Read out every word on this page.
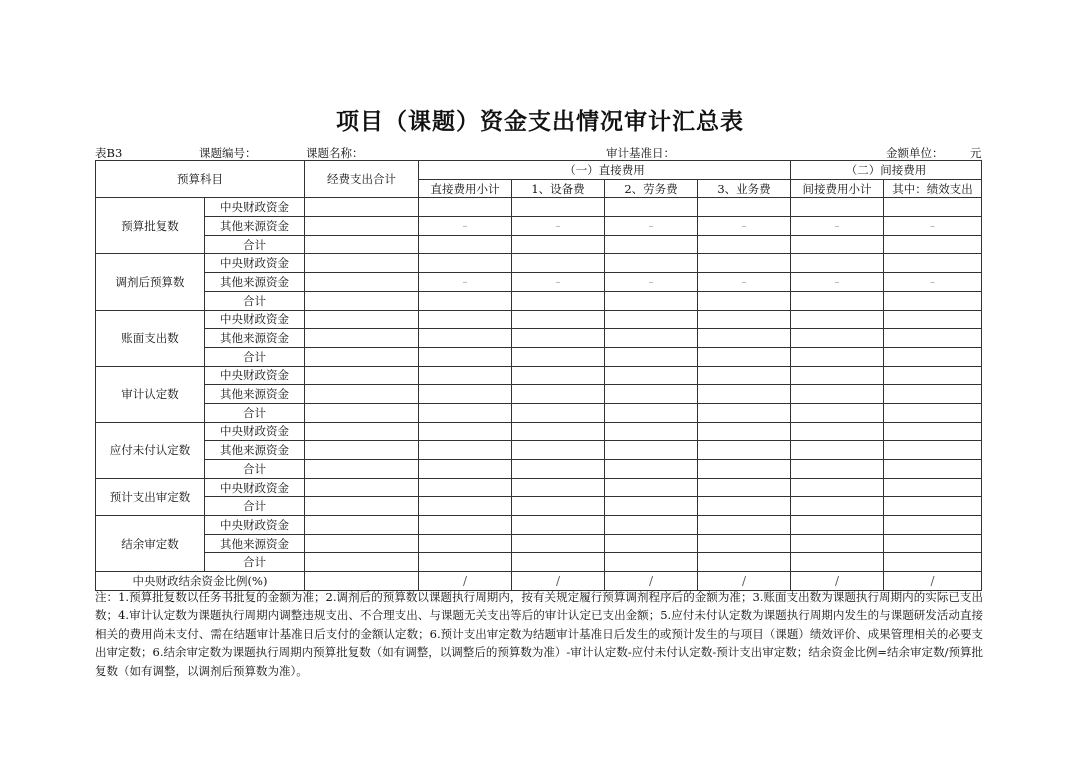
项目（课题）资金支出情况审计汇总表
表B3	课题编号：	课题名称：	审计基准日：	金额单位： 元
预算科目		经费支出合计	（一）直接费用				（二）间接费用	
			直接费用小计	1、设备费	2、劳务费	3、业务费	间接费用小计	其中：绩效支出
预算批复数	中央财政资金							
	其他来源资金		–	–	–	–	–	–
	合计							
调剂后预算数	中央财政资金							
	其他来源资金		–	–	–	–	–	–
	合计							
账面支出数	中央财政资金							
	其他来源资金							
	合计							
审计认定数	中央财政资金							
	其他来源资金							
	合计							
应付未付认定数	中央财政资金							
	其他来源资金							
	合计							
预计支出审定数	中央财政资金							
	合计							
结余审定数	中央财政资金							
	其他来源资金							
	合计							
中央财政结余资金比例(%)			/	/	/	/	/	/
注：1.预算批复数以任务书批复的金额为准；2.调剂后的预算数以课题执行周期内，按有关规定履行预算调剂程序后的金额为准；3.账面支出数为课题执行周期内的实际已支出数；4.审计认定数为课题执行周期内调整违规支出、不合理支出、与课题无关支出等后的审计认定已支出金额；5.应付未付认定数为课题执行周期内发生的与课题研发活动直接相关的费用尚未支付、需在结题审计基准日后支付的金额认定数；6.预计支出审定数为结题审计基准日后发生的或预计发生的与项目（课题）绩效评价、成果管理相关的必要支出审定数；6.结余审定数为课题执行周期内预算批复数（如有调整，以调整后的预算数为准）-审计认定数-应付未付认定数-预计支出审定数；结余资金比例=结余审定数/预算批复数（如有调整，以调剂后预算数为准）。
